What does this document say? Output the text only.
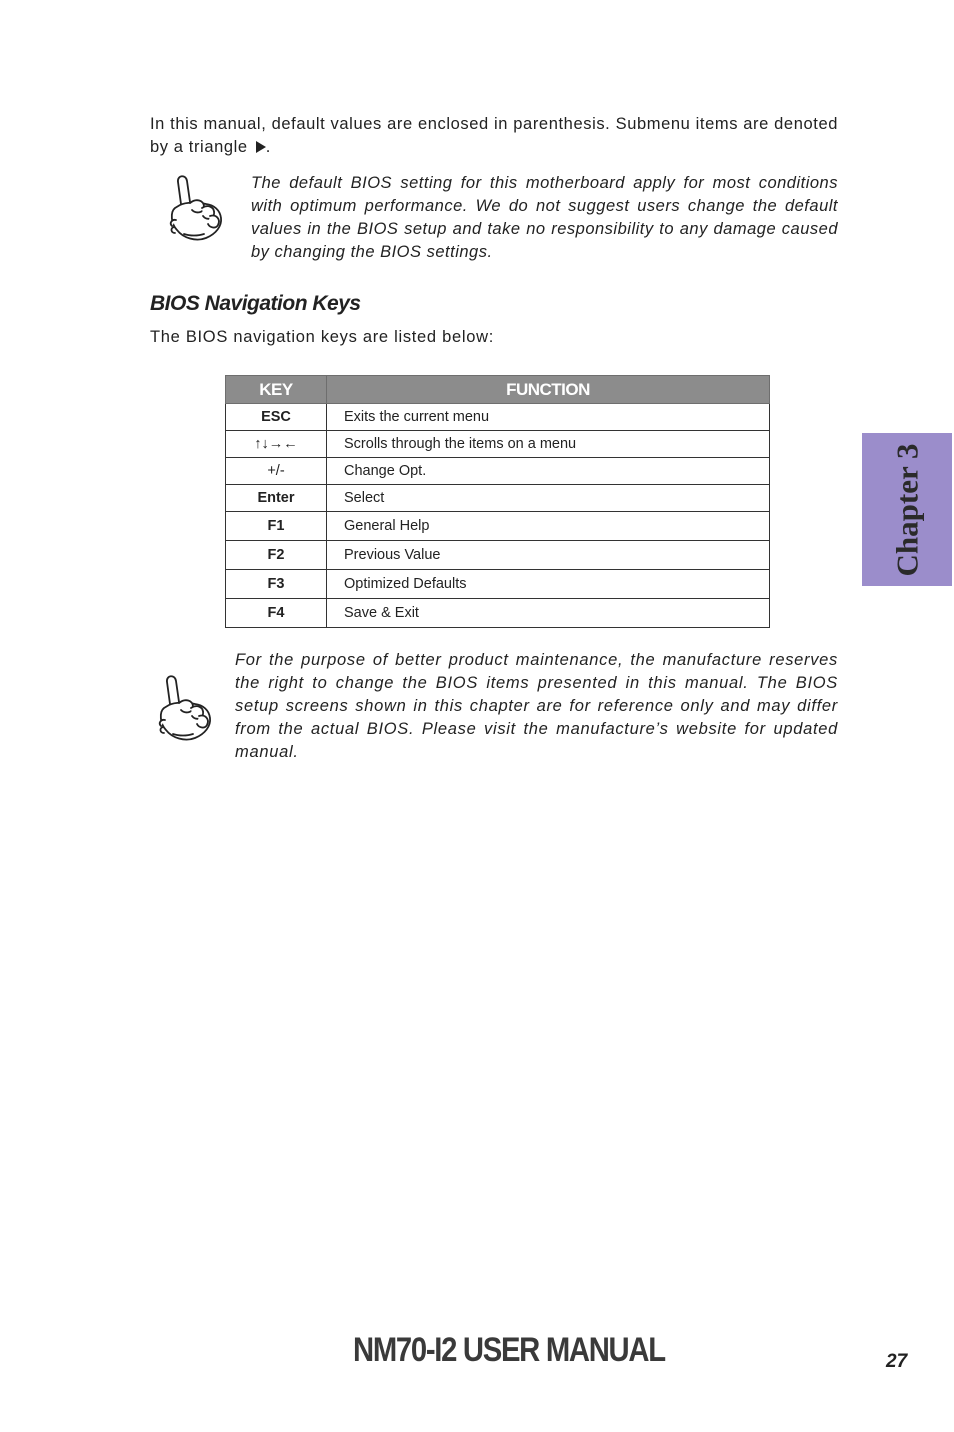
In this manual, default values are enclosed in parenthesis. Submenu items are denoted by a triangle .

The default BIOS setting for this motherboard apply for most conditions with optimum performance. We do not suggest users change the default values in the BIOS setup and take no responsibility to any damage caused by changing the BIOS settings.

BIOS Navigation Keys

The BIOS navigation keys are listed below:

KEY	FUNCTION
ESC	Exits the current menu
↑↓→←	Scrolls through the items on a menu
+/-	Change Opt.
Enter	Select
F1	General Help
F2	Previous Value
F3	Optimized Defaults
F4	Save & Exit

For the purpose of better product maintenance, the manufacture reserves the right to change the BIOS items presented in this manual. The BIOS setup screens shown in this chapter are for reference only and may differ from the actual BIOS. Please visit the manufacture’s website for updated manual.

Chapter 3
NM70-I2 USER MANUAL	27
